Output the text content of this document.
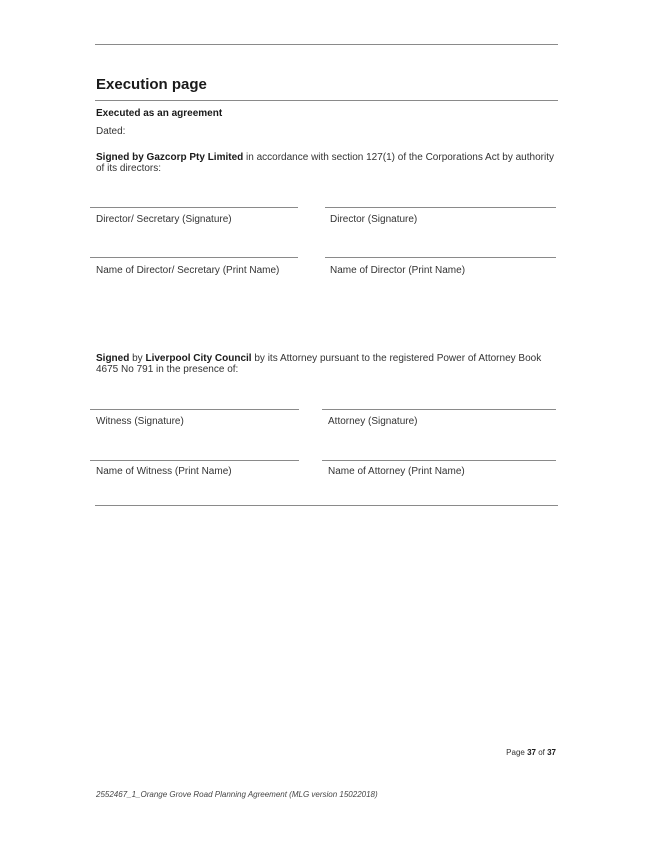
Execution page
Executed as an agreement
Dated:
Signed by Gazcorp Pty Limited in accordance with section 127(1) of the Corporations Act by authority of its directors:
Director/ Secretary (Signature)	Director (Signature)
Name of Director/ Secretary (Print Name)	Name of Director (Print Name)
Signed by Liverpool City Council by its Attorney pursuant to the registered Power of Attorney Book 4675 No 791 in the presence of:
Witness (Signature)	Attorney (Signature)
Name of Witness (Print Name)	Name of Attorney (Print Name)
Page 37 of 37
2552467_1_Orange Grove Road Planning Agreement (MLG version 15022018)
